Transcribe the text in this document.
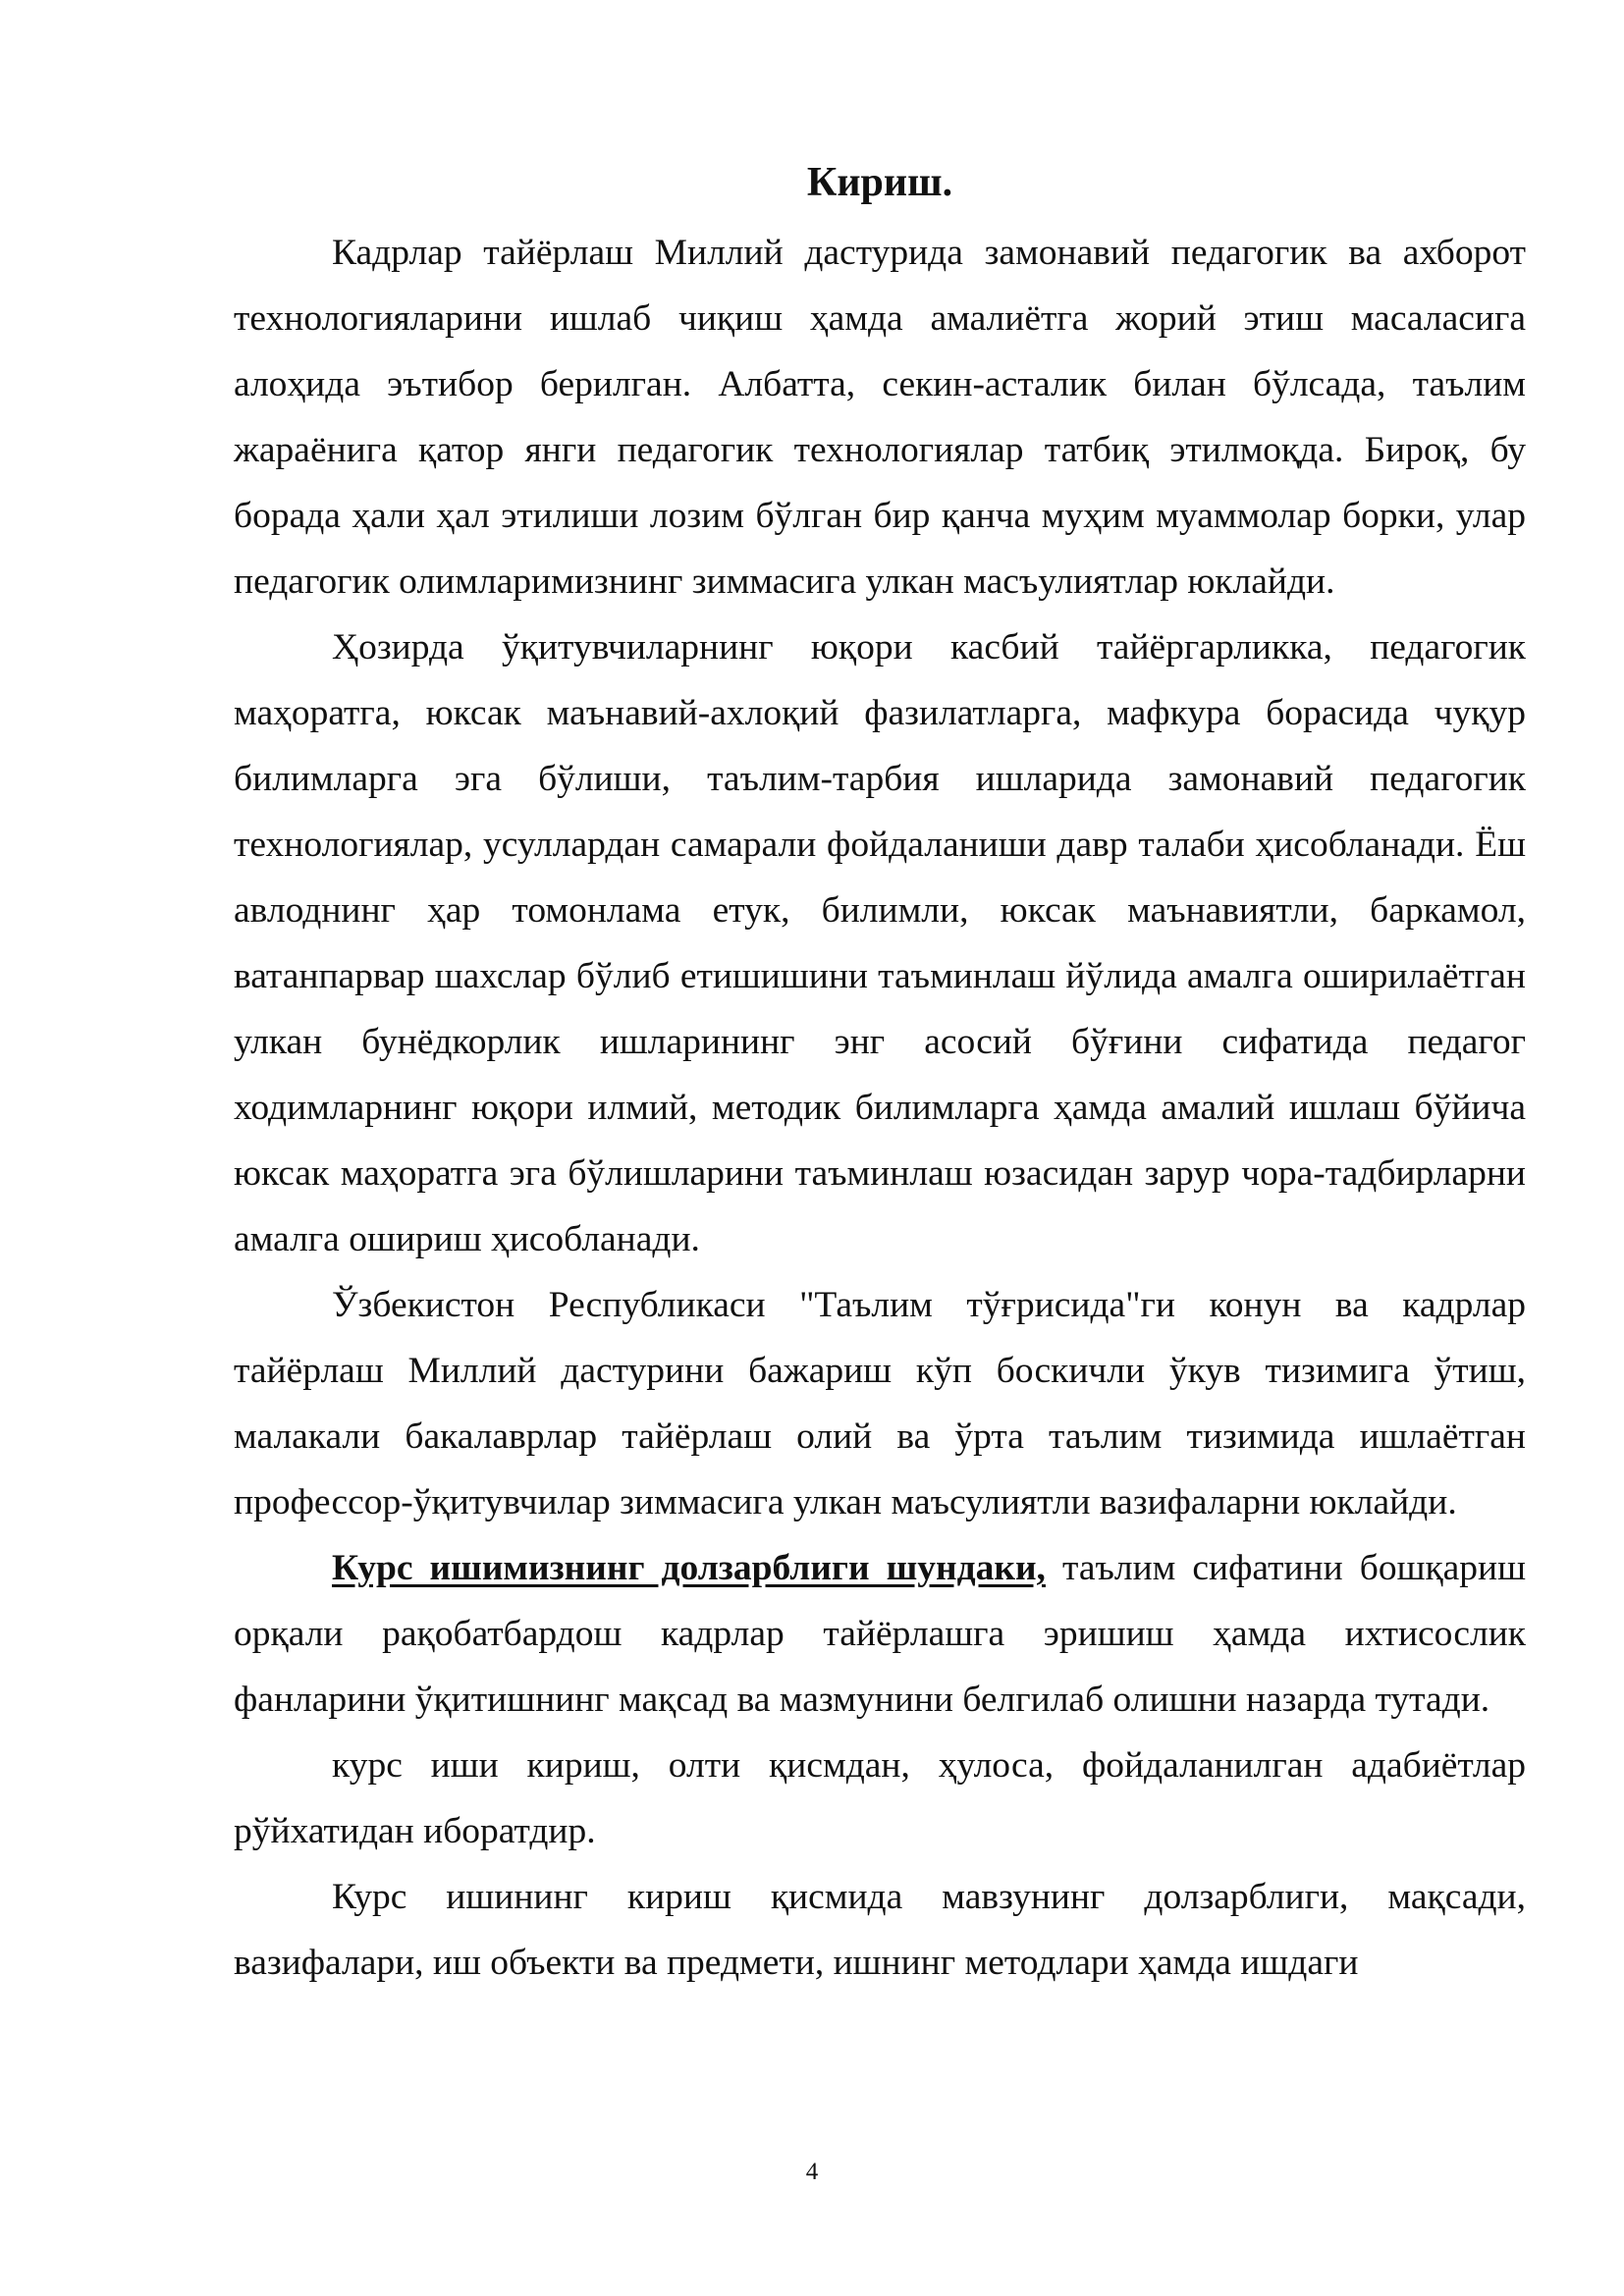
Кириш.

Кадрлар тайёрлаш Миллий дастурида замонавий педагогик ва ахборот технологияларини ишлаб чиқиш ҳамда амалиётга жорий этиш масаласига алоҳида эътибор берилган. Албатта, секин-асталик билан бўлсада, таълим жараёнига қатор янги педагогик технологиялар татбиқ этилмоқда. Бироқ, бу борада ҳали ҳал этилиши лозим бўлган бир қанча муҳим муаммолар борки, улар педагогик олимларимизнинг зиммасига улкан масъулиятлар юклайди.

Ҳозирда ўқитувчиларнинг юқори касбий тайёргарликка, педагогик маҳоратга, юксак маънавий-ахлоқий фазилатларга, мафкура борасида чуқур билимларга эга бўлиши, таълим-тарбия ишларида замонавий педагогик технологиялар, усуллардан самарали фойдаланиши давр талаби ҳисобланади. Ёш авлоднинг ҳар томонлама етук, билимли, юксак маънавиятли, баркамол, ватанпарвар шахслар бўлиб етишишини таъминлаш йўлида амалга оширилаётган улкан бунёдкорлик ишларининг энг асосий бўғини сифатида педагог ходимларнинг юқори илмий, методик билимларга ҳамда амалий ишлаш бўйича юксак маҳоратга эга бўлишларини таъминлаш юзасидан зарур чора-тадбирларни амалга ошириш ҳисобланади.

Ўзбекистон Республикаси "Таълим тўғрисида"ги конун ва кадрлар тайёрлаш Миллий дастурини бажариш кўп боскичли ўкув тизимига ўтиш, малакали бакалаврлар тайёрлаш олий ва ўрта таълим тизимида ишлаётган профессор-ўқитувчилар зиммасига улкан маъсулиятли вазифаларни юклайди.

Курс ишимизнинг долзарблиги шундаки, таълим сифатини бошқариш орқали рақобатбардош кадрлар тайёрлашга эришиш ҳамда ихтисослик фанларини ўқитишнинг мақсад ва мазмунини белгилаб олишни назарда тутади.

курс иши кириш, олти қисмдан, ҳулоса, фойдаланилган адабиётлар рўйхатидан иборатдир.

Курс ишининг кириш қисмида мавзунинг долзарблиги, мақсади, вазифалари, иш объекти ва предмети, ишнинг методлари ҳамда ишдаги

4
